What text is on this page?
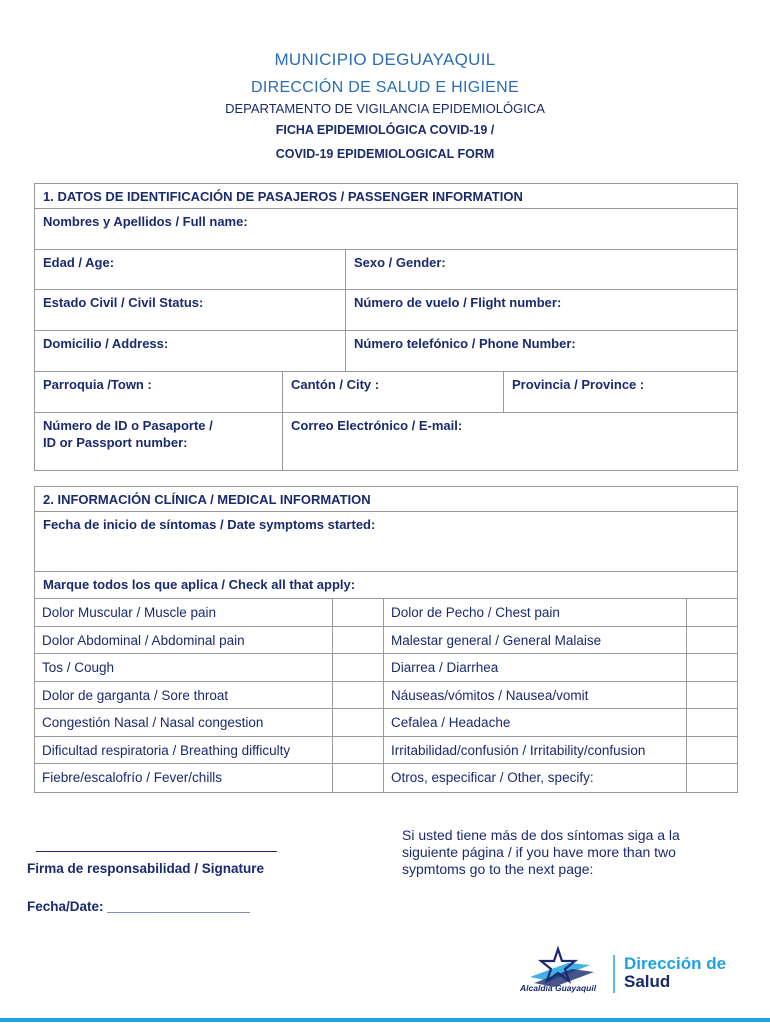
MUNICIPIO DEGUAYAQUIL
DIRECCIÓN DE SALUD E HIGIENE
DEPARTAMENTO DE VIGILANCIA EPIDEMIOLÓGICA
FICHA EPIDEMIOLÓGICA COVID-19 /
COVID-19 EPIDEMIOLOGICAL FORM
1. DATOS DE IDENTIFICACIÓN DE PASAJEROS / PASSENGER INFORMATION
Nombres y Apellidos / Full name:
Edad / Age:	Sexo / Gender:
Estado Civil / Civil Status:	Número de vuelo / Flight number:
Domicilio / Address:	Número telefónico / Phone Number:
Parroquia /Town :	Cantón / City :	Provincia / Province :
Número de ID o Pasaporte /
ID or Passport number:
Correo Electrónico / E-mail:
2. INFORMACIÓN CLÍNICA / MEDICAL INFORMATION
Fecha de inicio de síntomas / Date symptoms started:
Marque todos los que aplica / Check all that apply:
Dolor Muscular / Muscle pain	Dolor de Pecho / Chest pain
Dolor Abdominal / Abdominal pain	Malestar general / General Malaise
Tos / Cough	Diarrea / Diarrhea
Dolor de garganta / Sore throat	Náuseas/vómitos / Nausea/vomit
Congestión Nasal / Nasal congestion	Cefalea / Headache
Dificultad respiratoria / Breathing difficulty	Irritabilidad/confusión / Irritability/confusion
Fiebre/escalofrío / Fever/chills	Otros, especificar / Other, specify:
Firma de responsabilidad / Signature
Fecha/Date: ___________________
Si usted tiene más de dos síntomas siga a la siguiente página / if you have more than two sypmtoms go to the next page:
Alcaldía Guayaquil
Dirección de
Salud
